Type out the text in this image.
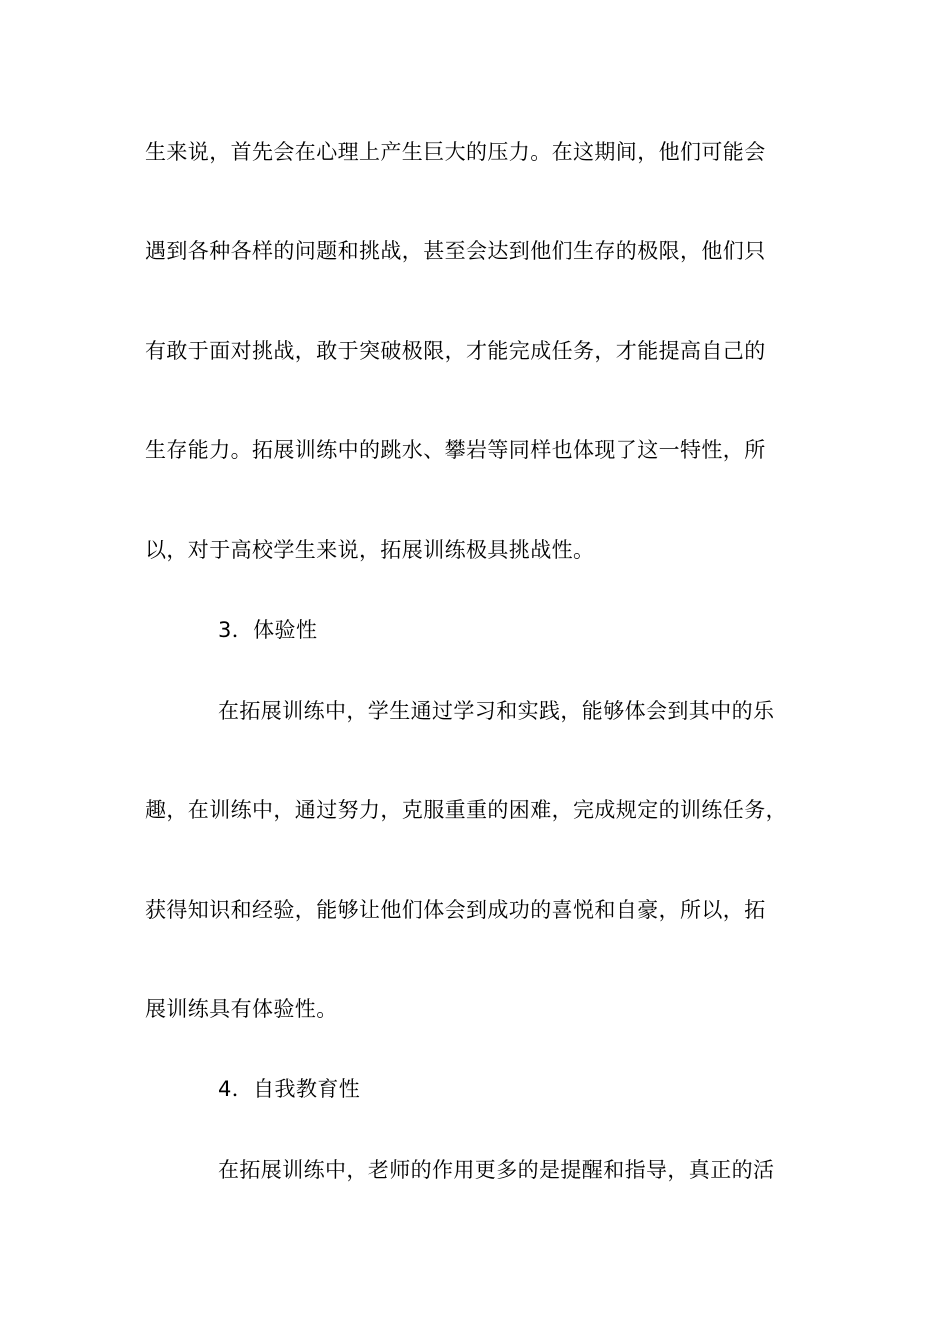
生来说，首先会在心理上产生巨大的压力。在这期间，他们可能会
遇到各种各样的问题和挑战，甚至会达到他们生存的极限，他们只
有敢于面对挑战，敢于突破极限，才能完成任务，才能提高自己的
生存能力。拓展训练中的跳水、攀岩等同样也体现了这一特性，所
以，对于高校学生来说，拓展训练极具挑战性。
3．体验性
在拓展训练中，学生通过学习和实践，能够体会到其中的乐
趣，在训练中，通过努力，克服重重的困难，完成规定的训练任务，
获得知识和经验，能够让他们体会到成功的喜悦和自豪，所以，拓
展训练具有体验性。
4．自我教育性
在拓展训练中，老师的作用更多的是提醒和指导，真正的活
